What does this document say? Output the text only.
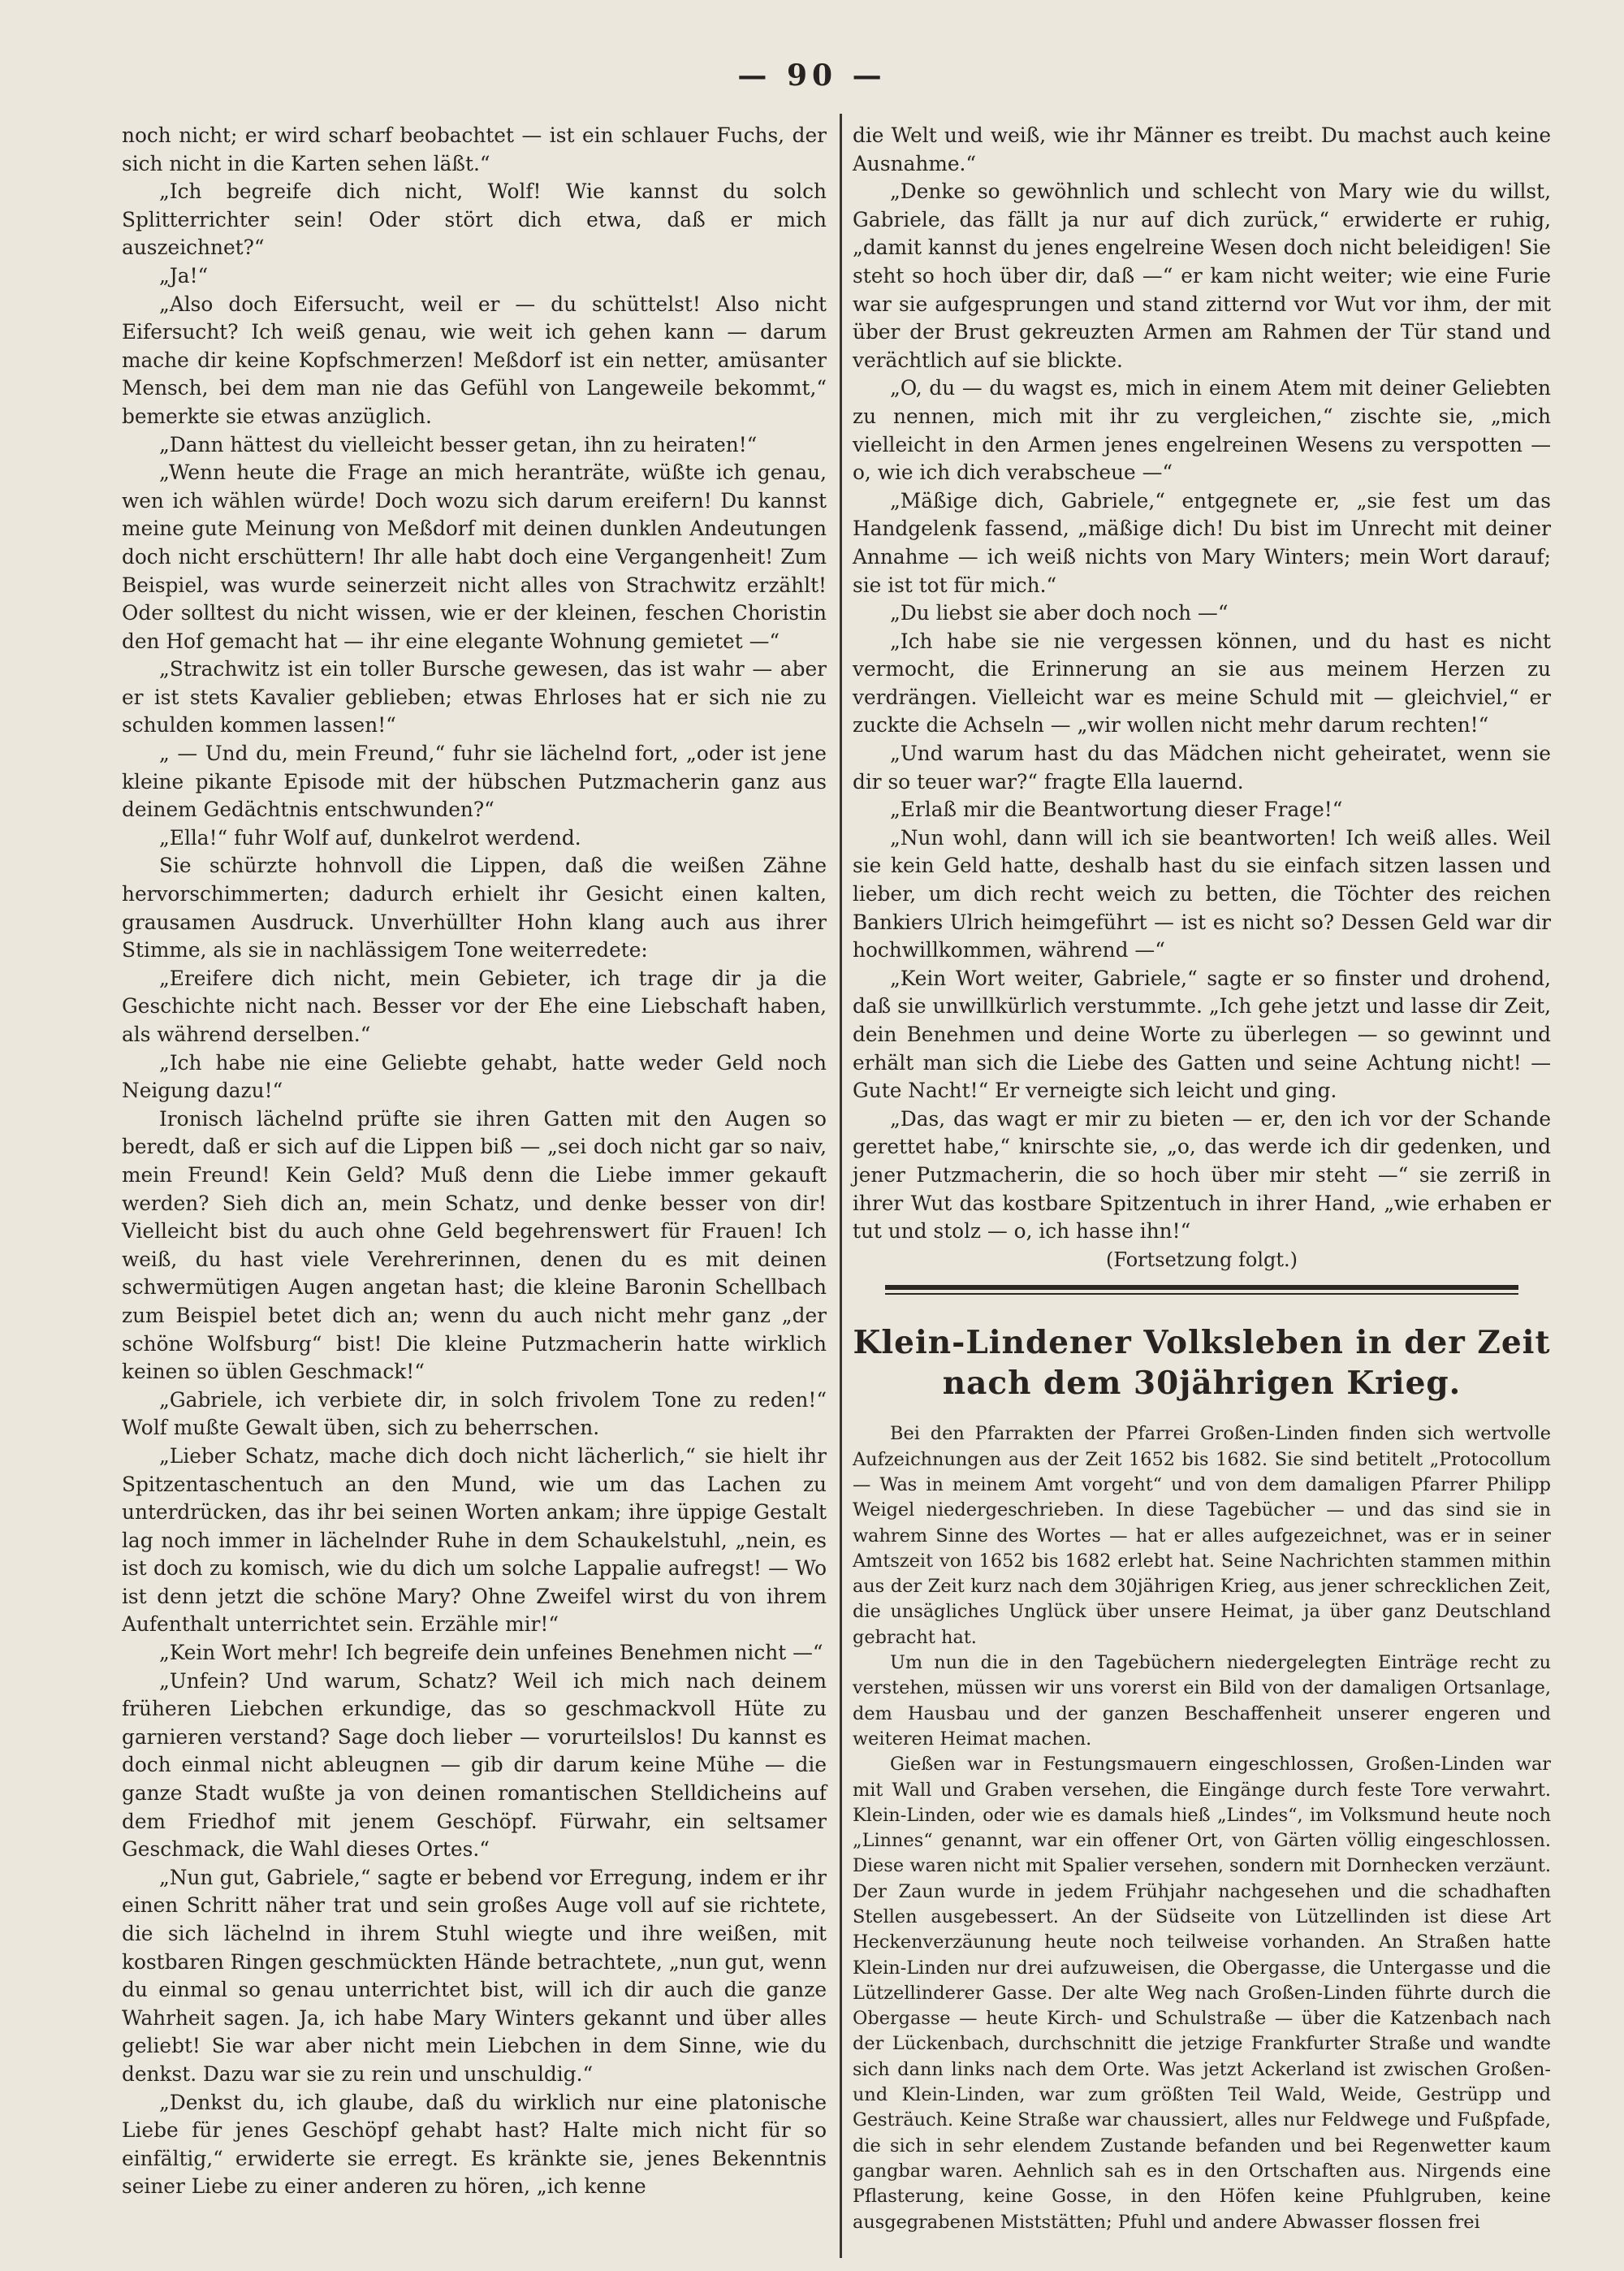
— 90 —

noch nicht; er wird scharf beobachtet — ist ein schlauer Fuchs, der sich nicht in die Karten sehen läßt.“

„Ich begreife dich nicht, Wolf! Wie kannst du solch Splitterrichter sein! Oder stört dich etwa, daß er mich auszeichnet?“

„Ja!“

„Also doch Eifersucht, weil er — du schüttelst! Also nicht Eifersucht? Ich weiß genau, wie weit ich gehen kann — darum mache dir keine Kopfschmerzen! Meßdorf ist ein netter, amüsanter Mensch, bei dem man nie das Gefühl von Langeweile bekommt,“ bemerkte sie etwas anzüglich.

„Dann hättest du vielleicht besser getan, ihn zu heiraten!“

„Wenn heute die Frage an mich heranträte, wüßte ich genau, wen ich wählen würde! Doch wozu sich darum ereifern! Du kannst meine gute Meinung von Meßdorf mit deinen dunklen Andeutungen doch nicht erschüttern! Ihr alle habt doch eine Vergangenheit! Zum Beispiel, was wurde seinerzeit nicht alles von Strachwitz erzählt! Oder solltest du nicht wissen, wie er der kleinen, feschen Choristin den Hof gemacht hat — ihr eine elegante Wohnung gemietet —“

„Strachwitz ist ein toller Bursche gewesen, das ist wahr — aber er ist stets Kavalier geblieben; etwas Ehrloses hat er sich nie zu schulden kommen lassen!“

„ — Und du, mein Freund,“ fuhr sie lächelnd fort, „oder ist jene kleine pikante Episode mit der hübschen Putzmacherin ganz aus deinem Gedächtnis entschwunden?“

„Ella!“ fuhr Wolf auf, dunkelrot werdend.

Sie schürzte hohnvoll die Lippen, daß die weißen Zähne hervorschimmerten; dadurch erhielt ihr Gesicht einen kalten, grausamen Ausdruck. Unverhüllter Hohn klang auch aus ihrer Stimme, als sie in nachlässigem Tone weiterredete:

„Ereifere dich nicht, mein Gebieter, ich trage dir ja die Geschichte nicht nach. Besser vor der Ehe eine Liebschaft haben, als während derselben.“

„Ich habe nie eine Geliebte gehabt, hatte weder Geld noch Neigung dazu!“

Ironisch lächelnd prüfte sie ihren Gatten mit den Augen so beredt, daß er sich auf die Lippen biß — „sei doch nicht gar so naiv, mein Freund! Kein Geld? Muß denn die Liebe immer gekauft werden? Sieh dich an, mein Schatz, und denke besser von dir! Vielleicht bist du auch ohne Geld begehrenswert für Frauen! Ich weiß, du hast viele Verehrerinnen, denen du es mit deinen schwermütigen Augen angetan hast; die kleine Baronin Schellbach zum Beispiel betet dich an; wenn du auch nicht mehr ganz „der schöne Wolfsburg“ bist! Die kleine Putzmacherin hatte wirklich keinen so üblen Geschmack!“

„Gabriele, ich verbiete dir, in solch frivolem Tone zu reden!“ Wolf mußte Gewalt üben, sich zu beherrschen.

„Lieber Schatz, mache dich doch nicht lächerlich,“ sie hielt ihr Spitzentaschentuch an den Mund, wie um das Lachen zu unterdrücken, das ihr bei seinen Worten ankam; ihre üppige Gestalt lag noch immer in lächelnder Ruhe in dem Schaukelstuhl, „nein, es ist doch zu komisch, wie du dich um solche Lappalie aufregst! — Wo ist denn jetzt die schöne Mary? Ohne Zweifel wirst du von ihrem Aufenthalt unterrichtet sein. Erzähle mir!“

„Kein Wort mehr! Ich begreife dein unfeines Benehmen nicht —“

„Unfein? Und warum, Schatz? Weil ich mich nach deinem früheren Liebchen erkundige, das so geschmackvoll Hüte zu garnieren verstand? Sage doch lieber — vorurteilslos! Du kannst es doch einmal nicht ableugnen — gib dir darum keine Mühe — die ganze Stadt wußte ja von deinen romantischen Stelldicheins auf dem Friedhof mit jenem Geschöpf. Fürwahr, ein seltsamer Geschmack, die Wahl dieses Ortes.“

„Nun gut, Gabriele,“ sagte er bebend vor Erregung, indem er ihr einen Schritt näher trat und sein großes Auge voll auf sie richtete, die sich lächelnd in ihrem Stuhl wiegte und ihre weißen, mit kostbaren Ringen geschmückten Hände betrachtete, „nun gut, wenn du einmal so genau unterrichtet bist, will ich dir auch die ganze Wahrheit sagen. Ja, ich habe Mary Winters gekannt und über alles geliebt! Sie war aber nicht mein Liebchen in dem Sinne, wie du denkst. Dazu war sie zu rein und unschuldig.“

„Denkst du, ich glaube, daß du wirklich nur eine platonische Liebe für jenes Geschöpf gehabt hast? Halte mich nicht für so einfältig,“ erwiderte sie erregt. Es kränkte sie, jenes Bekenntnis seiner Liebe zu einer anderen zu hören, „ich kenne

die Welt und weiß, wie ihr Männer es treibt. Du machst auch keine Ausnahme.“

„Denke so gewöhnlich und schlecht von Mary wie du willst, Gabriele, das fällt ja nur auf dich zurück,“ erwiderte er ruhig, „damit kannst du jenes engelreine Wesen doch nicht beleidigen! Sie steht so hoch über dir, daß —“ er kam nicht weiter; wie eine Furie war sie aufgesprungen und stand zitternd vor Wut vor ihm, der mit über der Brust gekreuzten Armen am Rahmen der Tür stand und verächtlich auf sie blickte.

„O, du — du wagst es, mich in einem Atem mit deiner Geliebten zu nennen, mich mit ihr zu vergleichen,“ zischte sie, „mich vielleicht in den Armen jenes engelreinen Wesens zu verspotten — o, wie ich dich verabscheue —“

„Mäßige dich, Gabriele,“ entgegnete er, „sie fest um das Handgelenk fassend, „mäßige dich! Du bist im Unrecht mit deiner Annahme — ich weiß nichts von Mary Winters; mein Wort darauf; sie ist tot für mich.“

„Du liebst sie aber doch noch —“

„Ich habe sie nie vergessen können, und du hast es nicht vermocht, die Erinnerung an sie aus meinem Herzen zu verdrängen. Vielleicht war es meine Schuld mit — gleichviel,“ er zuckte die Achseln — „wir wollen nicht mehr darum rechten!“

„Und warum hast du das Mädchen nicht geheiratet, wenn sie dir so teuer war?“ fragte Ella lauernd.

„Erlaß mir die Beantwortung dieser Frage!“

„Nun wohl, dann will ich sie beantworten! Ich weiß alles. Weil sie kein Geld hatte, deshalb hast du sie einfach sitzen lassen und lieber, um dich recht weich zu betten, die Töchter des reichen Bankiers Ulrich heimgeführt — ist es nicht so? Dessen Geld war dir hochwillkommen, während —“

„Kein Wort weiter, Gabriele,“ sagte er so finster und drohend, daß sie unwillkürlich verstummte. „Ich gehe jetzt und lasse dir Zeit, dein Benehmen und deine Worte zu überlegen — so gewinnt und erhält man sich die Liebe des Gatten und seine Achtung nicht! — Gute Nacht!“ Er verneigte sich leicht und ging.

„Das, das wagt er mir zu bieten — er, den ich vor der Schande gerettet habe,“ knirschte sie, „o, das werde ich dir gedenken, und jener Putzmacherin, die so hoch über mir steht —“ sie zerriß in ihrer Wut das kostbare Spitzentuch in ihrer Hand, „wie erhaben er tut und stolz — o, ich hasse ihn!“

(Fortsetzung folgt.)

Klein-Lindener Volksleben in der Zeit
nach dem 30jährigen Krieg.

Bei den Pfarrakten der Pfarrei Großen-Linden finden sich wertvolle Aufzeichnungen aus der Zeit 1652 bis 1682. Sie sind betitelt „Protocollum — Was in meinem Amt vorgeht“ und von dem damaligen Pfarrer Philipp Weigel niedergeschrieben. In diese Tagebücher — und das sind sie in wahrem Sinne des Wortes — hat er alles aufgezeichnet, was er in seiner Amtszeit von 1652 bis 1682 erlebt hat. Seine Nachrichten stammen mithin aus der Zeit kurz nach dem 30jährigen Krieg, aus jener schrecklichen Zeit, die unsägliches Unglück über unsere Heimat, ja über ganz Deutschland gebracht hat.

Um nun die in den Tagebüchern niedergelegten Einträge recht zu verstehen, müssen wir uns vorerst ein Bild von der damaligen Ortsanlage, dem Hausbau und der ganzen Beschaffenheit unserer engeren und weiteren Heimat machen.

Gießen war in Festungsmauern eingeschlossen, Großen-Linden war mit Wall und Graben versehen, die Eingänge durch feste Tore verwahrt. Klein-Linden, oder wie es damals hieß „Lindes“, im Volksmund heute noch „Linnes“ genannt, war ein offener Ort, von Gärten völlig eingeschlossen. Diese waren nicht mit Spalier versehen, sondern mit Dornhecken verzäunt. Der Zaun wurde in jedem Frühjahr nachgesehen und die schadhaften Stellen ausgebessert. An der Südseite von Lützellinden ist diese Art Heckenverzäunung heute noch teilweise vorhanden. An Straßen hatte Klein-Linden nur drei aufzuweisen, die Obergasse, die Untergasse und die Lützellinderer Gasse. Der alte Weg nach Großen-Linden führte durch die Obergasse — heute Kirch- und Schulstraße — über die Katzenbach nach der Lückenbach, durchschnitt die jetzige Frankfurter Straße und wandte sich dann links nach dem Orte. Was jetzt Ackerland ist zwischen Großen- und Klein-Linden, war zum größten Teil Wald, Weide, Gestrüpp und Gesträuch. Keine Straße war chaussiert, alles nur Feldwege und Fußpfade, die sich in sehr elendem Zustande befanden und bei Regenwetter kaum gangbar waren. Aehnlich sah es in den Ortschaften aus. Nirgends eine Pflasterung, keine Gosse, in den Höfen keine Pfuhlgruben, keine ausgegrabenen Miststätten; Pfuhl und andere Abwasser flossen frei
